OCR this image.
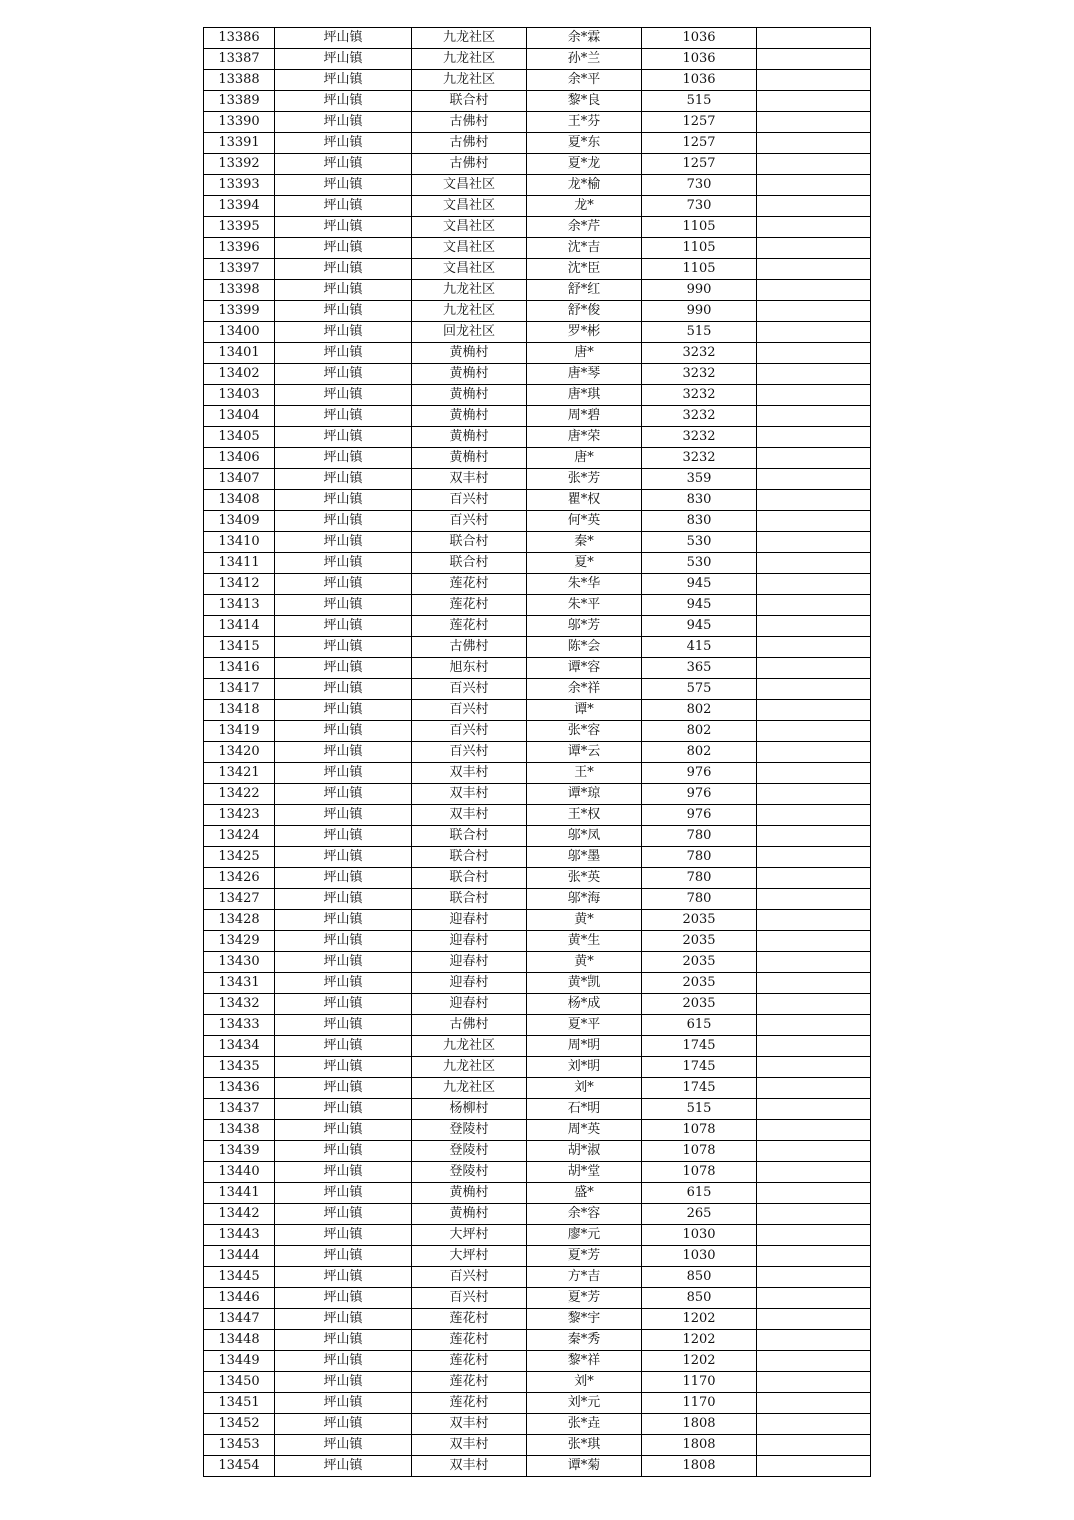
13386	坪山镇	九龙社区	余*霖	1036	
13387	坪山镇	九龙社区	孙*兰	1036	
13388	坪山镇	九龙社区	余*平	1036	
13389	坪山镇	联合村	黎*良	515	
13390	坪山镇	古佛村	王*芬	1257	
13391	坪山镇	古佛村	夏*东	1257	
13392	坪山镇	古佛村	夏*龙	1257	
13393	坪山镇	文昌社区	龙*榆	730	
13394	坪山镇	文昌社区	龙*	730	
13395	坪山镇	文昌社区	余*芹	1105	
13396	坪山镇	文昌社区	沈*吉	1105	
13397	坪山镇	文昌社区	沈*臣	1105	
13398	坪山镇	九龙社区	舒*红	990	
13399	坪山镇	九龙社区	舒*俊	990	
13400	坪山镇	回龙社区	罗*彬	515	
13401	坪山镇	黄桷村	唐*	3232	
13402	坪山镇	黄桷村	唐*琴	3232	
13403	坪山镇	黄桷村	唐*琪	3232	
13404	坪山镇	黄桷村	周*碧	3232	
13405	坪山镇	黄桷村	唐*荣	3232	
13406	坪山镇	黄桷村	唐*	3232	
13407	坪山镇	双丰村	张*芳	359	
13408	坪山镇	百兴村	瞿*权	830	
13409	坪山镇	百兴村	何*英	830	
13410	坪山镇	联合村	秦*	530	
13411	坪山镇	联合村	夏*	530	
13412	坪山镇	莲花村	朱*华	945	
13413	坪山镇	莲花村	朱*平	945	
13414	坪山镇	莲花村	邬*芳	945	
13415	坪山镇	古佛村	陈*会	415	
13416	坪山镇	旭东村	谭*容	365	
13417	坪山镇	百兴村	余*祥	575	
13418	坪山镇	百兴村	谭*	802	
13419	坪山镇	百兴村	张*容	802	
13420	坪山镇	百兴村	谭*云	802	
13421	坪山镇	双丰村	王*	976	
13422	坪山镇	双丰村	谭*琼	976	
13423	坪山镇	双丰村	王*权	976	
13424	坪山镇	联合村	邬*凤	780	
13425	坪山镇	联合村	邬*墨	780	
13426	坪山镇	联合村	张*英	780	
13427	坪山镇	联合村	邬*海	780	
13428	坪山镇	迎春村	黄*	2035	
13429	坪山镇	迎春村	黄*生	2035	
13430	坪山镇	迎春村	黄*	2035	
13431	坪山镇	迎春村	黄*凯	2035	
13432	坪山镇	迎春村	杨*成	2035	
13433	坪山镇	古佛村	夏*平	615	
13434	坪山镇	九龙社区	周*明	1745	
13435	坪山镇	九龙社区	刘*明	1745	
13436	坪山镇	九龙社区	刘*	1745	
13437	坪山镇	杨柳村	石*明	515	
13438	坪山镇	登陵村	周*英	1078	
13439	坪山镇	登陵村	胡*淑	1078	
13440	坪山镇	登陵村	胡*堂	1078	
13441	坪山镇	黄桷村	盛*	615	
13442	坪山镇	黄桷村	余*容	265	
13443	坪山镇	大坪村	廖*元	1030	
13444	坪山镇	大坪村	夏*芳	1030	
13445	坪山镇	百兴村	方*吉	850	
13446	坪山镇	百兴村	夏*芳	850	
13447	坪山镇	莲花村	黎*宇	1202	
13448	坪山镇	莲花村	秦*秀	1202	
13449	坪山镇	莲花村	黎*祥	1202	
13450	坪山镇	莲花村	刘*	1170	
13451	坪山镇	莲花村	刘*元	1170	
13452	坪山镇	双丰村	张*垚	1808	
13453	坪山镇	双丰村	张*琪	1808	
13454	坪山镇	双丰村	谭*菊	1808	
